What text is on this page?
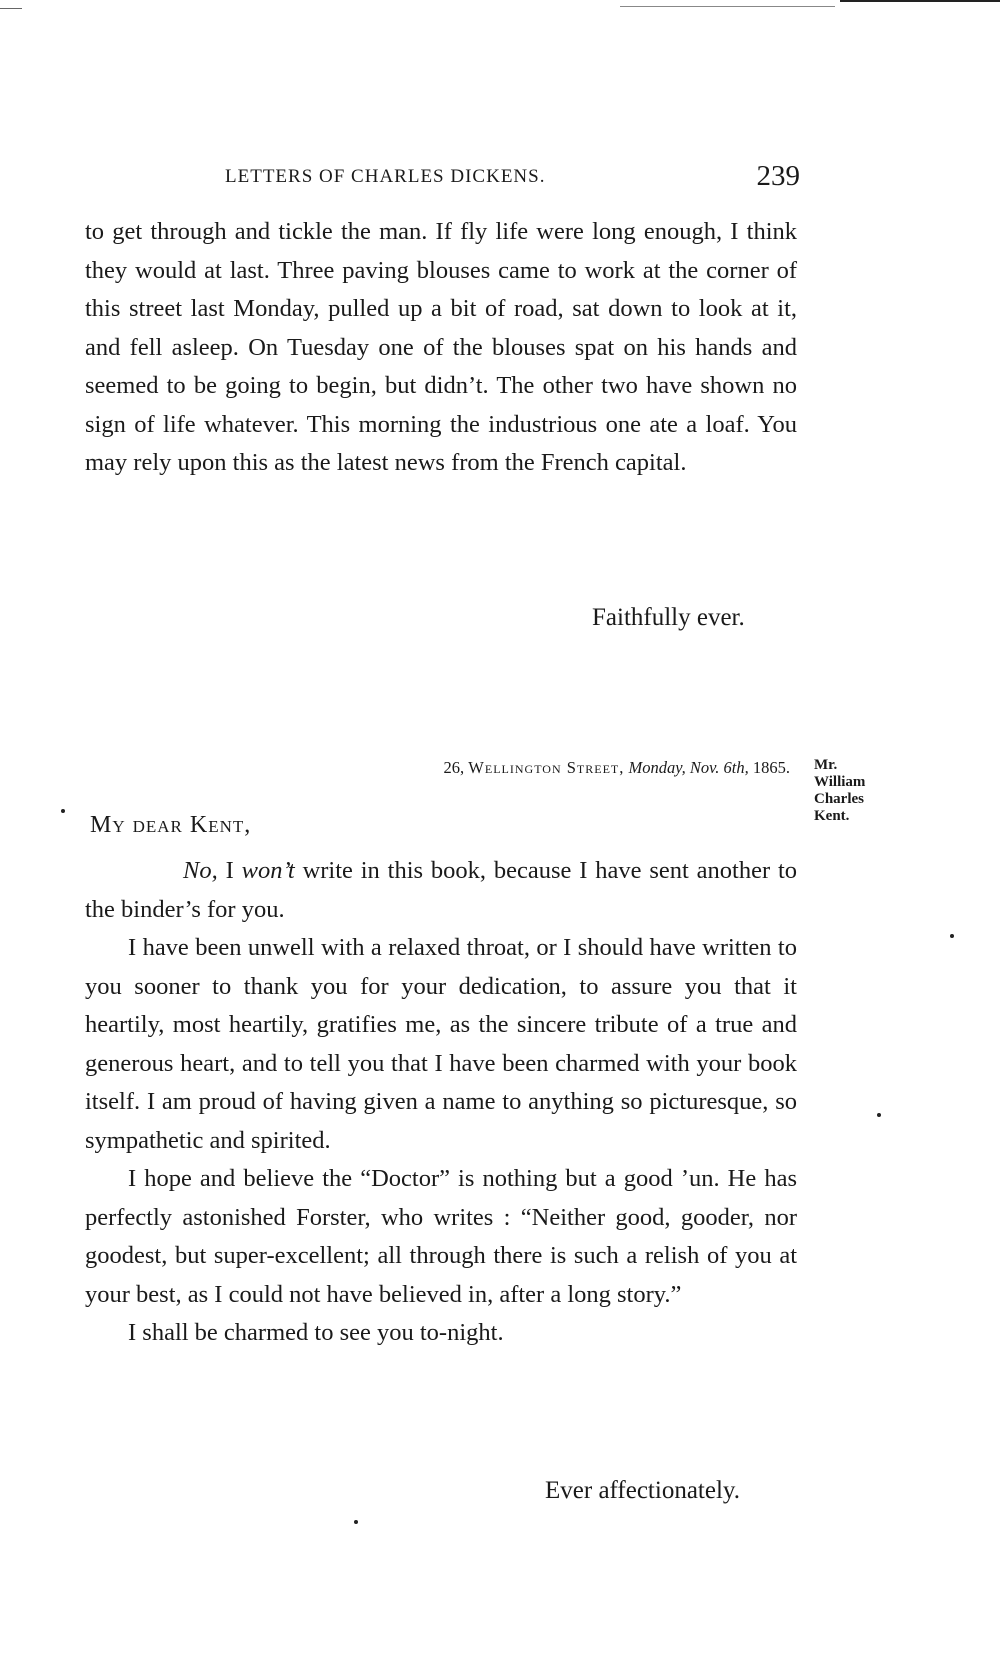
LETTERS OF CHARLES DICKENS.	239

to get through and tickle the man. If fly life were long enough, I think they would at last. Three paving blouses came to work at the corner of this street last Monday, pulled up a bit of road, sat down to look at it, and fell asleep. On Tuesday one of the blouses spat on his hands and seemed to be going to begin, but didn’t. The other two have shown no sign of life whatever. This morning the industrious one ate a loaf. You may rely upon this as the latest news from the French capital.

Faithfully ever.
26, Wellington Street, Monday, Nov. 6th, 1865. Mr.
William
Charles
Kent.
My dear Kent,

No, I won’t write in this book, because I have sent another to the binder’s for you.

I have been unwell with a relaxed throat, or I should have written to you sooner to thank you for your dedication, to assure you that it heartily, most heartily, gratifies me, as the sincere tribute of a true and generous heart, and to tell you that I have been charmed with your book itself. I am proud of having given a name to anything so picturesque, so sympathetic and spirited.

I hope and believe the “Doctor” is nothing but a good ’un. He has perfectly astonished Forster, who writes : “Neither good, gooder, nor goodest, but super-excellent; all through there is such a relish of you at your best, as I could not have believed in, after a long story.”

I shall be charmed to see you to-night.

Ever affectionately.
